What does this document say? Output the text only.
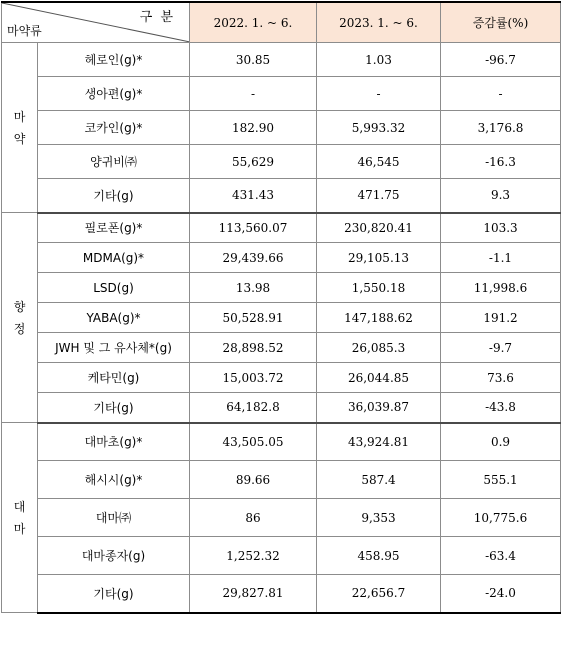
구 분
마약류		2022. 1. ~ 6.	2023. 1. ~ 6.	증감률(%)

마
약	헤로인(g)*	30.85	1.03	-96.7
	생아편(g)*	-	-	-
	코카인(g)*	182.90	5,993.32	3,176.8
	양귀비㈜	55,629	46,545	-16.3
	기타(g)	431.43	471.75	9.3

향
정	필로폰(g)*	113,560.07	230,820.41	103.3
	MDMA(g)*	29,439.66	29,105.13	-1.1
	LSD(g)	13.98	1,550.18	11,998.6
	YABA(g)*	50,528.91	147,188.62	191.2
	JWH 및 그 유사체*(g)	28,898.52	26,085.3	-9.7
	케타민(g)	15,003.72	26,044.85	73.6
	기타(g)	64,182.8	36,039.87	-43.8

대
마	대마초(g)*	43,505.05	43,924.81	0.9
	해시시(g)*	89.66	587.4	555.1
	대마㈜	86	9,353	10,775.6
	대마종자(g)	1,252.32	458.95	-63.4
	기타(g)	29,827.81	22,656.7	-24.0
